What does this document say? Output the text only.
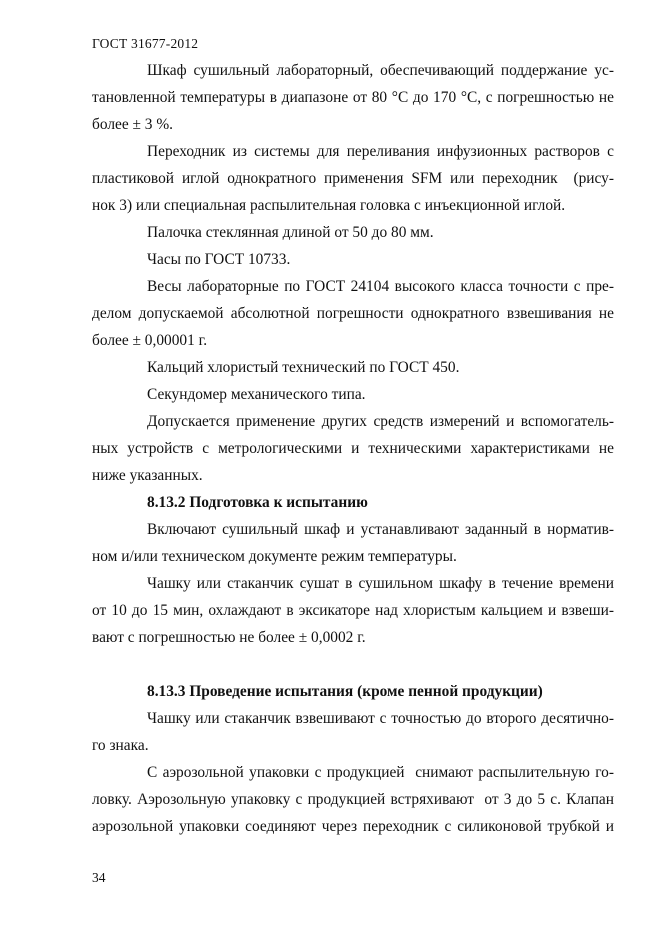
ГОСТ 31677-2012
Шкаф сушильный лабораторный, обеспечивающий поддержание ус-
тановленной температуры в диапазоне от 80 °С до 170 °С, с погрешностью не
более ± 3 %.
Переходник из системы для переливания инфузионных растворов с
пластиковой иглой однократного применения SFM или переходник  (рису-
нок 3) или специальная распылительная головка с инъекционной иглой.
Палочка стеклянная длиной от 50 до 80 мм.
Часы по ГОСТ 10733.
Весы лабораторные по ГОСТ 24104 высокого класса точности с пре-
делом допускаемой абсолютной погрешности однократного взвешивания не
более ± 0,00001 г.
Кальций хлористый технический по ГОСТ 450.
Секундомер механического типа.
Допускается применение других средств измерений и вспомогатель-
ных устройств с метрологическими и техническими характеристиками не
ниже указанных.
8.13.2 Подготовка к испытанию
Включают сушильный шкаф и устанавливают заданный в норматив-
ном и/или техническом документе режим температуры.
Чашку или стаканчик сушат в сушильном шкафу в течение времени
от 10 до 15 мин, охлаждают в эксикаторе над хлористым кальцием и взвеши-
вают с погрешностью не более ± 0,0002 г.
8.13.3 Проведение испытания (кроме пенной продукции)
Чашку или стаканчик взвешивают с точностью до второго десятично-
го знака.
С аэрозольной упаковки с продукцией  снимают распылительную го-
ловку. Аэрозольную упаковку с продукцией встряхивают  от 3 до 5 с. Клапан
аэрозольной упаковки соединяют через переходник с силиконовой трубкой и
34
